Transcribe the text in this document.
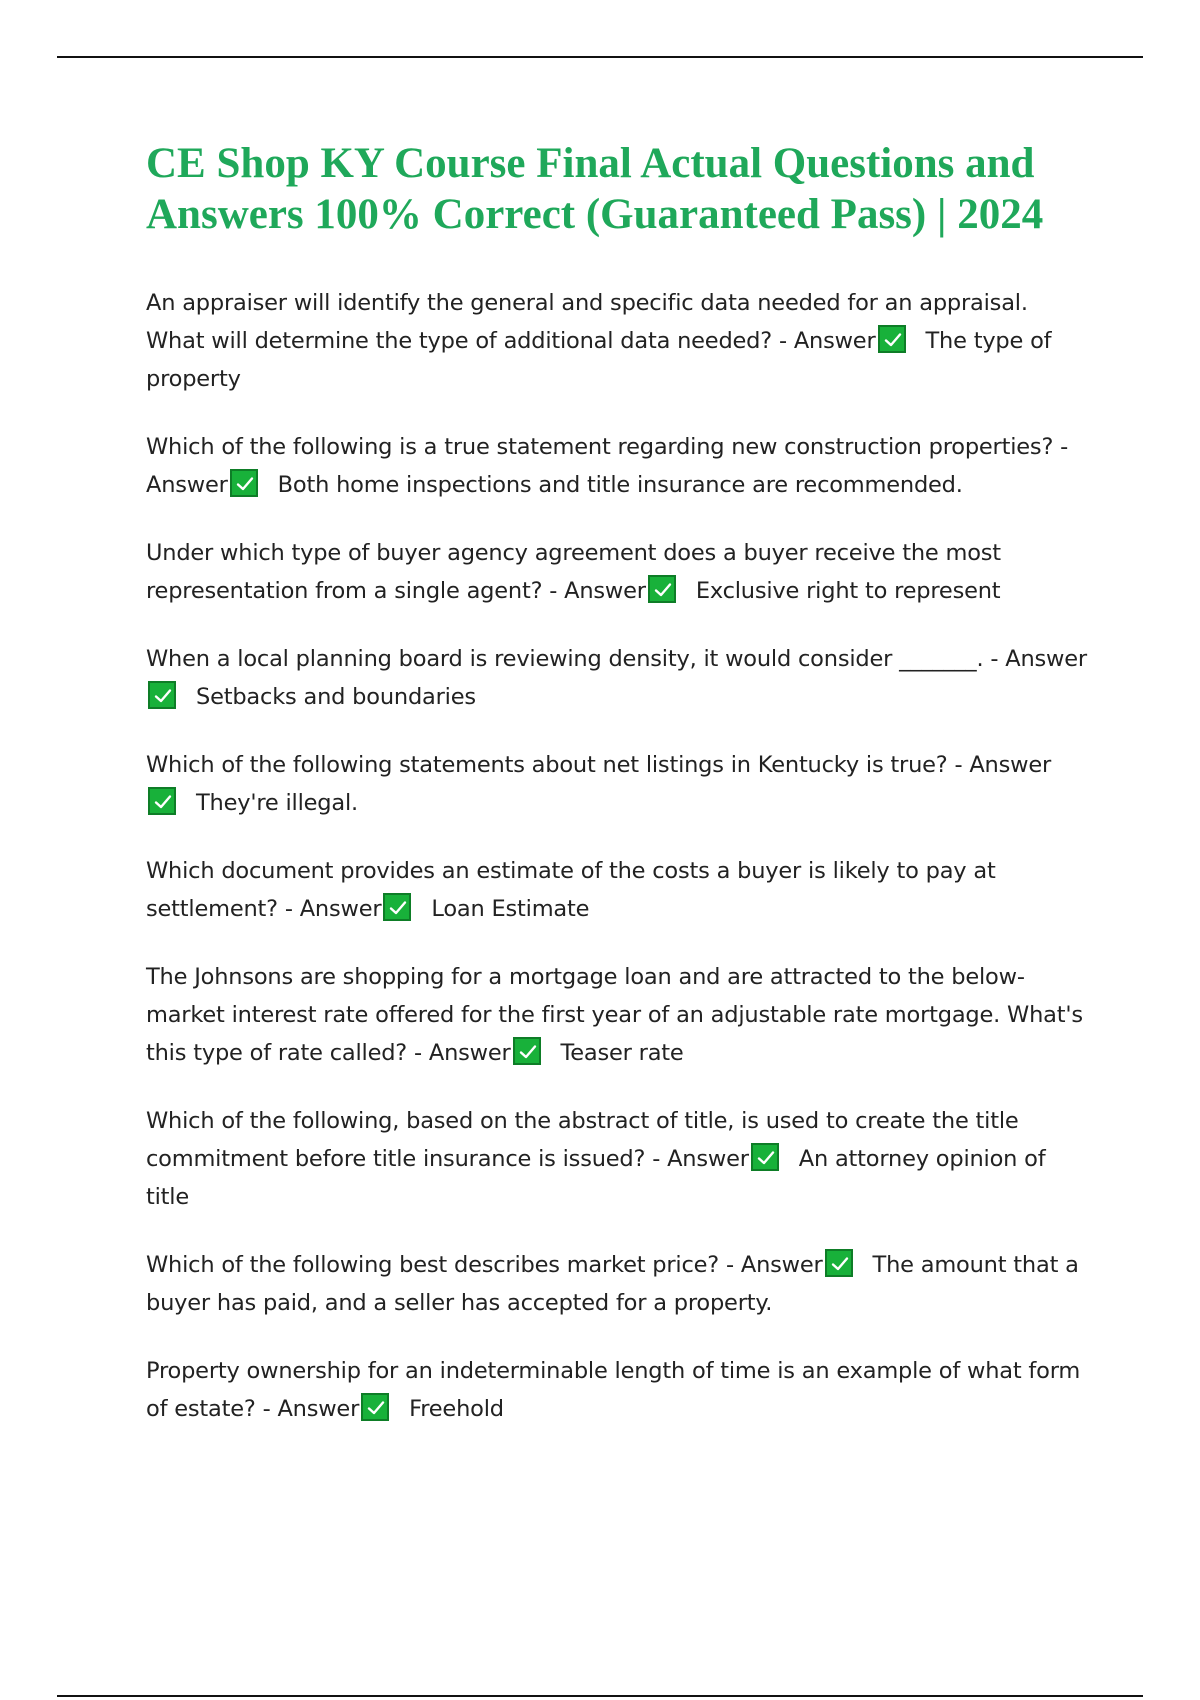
CE Shop KY Course Final Actual Questions and Answers 100% Correct (Guaranteed Pass) | 2024

An appraiser will identify the general and specific data needed for an appraisal. What will determine the type of additional data needed? - Answer The type of property

Which of the following is a true statement regarding new construction properties? - Answer Both home inspections and title insurance are recommended.

Under which type of buyer agency agreement does a buyer receive the most representation from a single agent? - Answer Exclusive right to represent

When a local planning board is reviewing density, it would consider _______. - Answer
Setbacks and boundaries

Which of the following statements about net listings in Kentucky is true? - Answer
They're illegal.

Which document provides an estimate of the costs a buyer is likely to pay at settlement? - Answer Loan Estimate

The Johnsons are shopping for a mortgage loan and are attracted to the below-market interest rate offered for the first year of an adjustable rate mortgage. What's this type of rate called? - Answer Teaser rate

Which of the following, based on the abstract of title, is used to create the title commitment before title insurance is issued? - Answer An attorney opinion of title

Which of the following best describes market price? - Answer The amount that a buyer has paid, and a seller has accepted for a property.

Property ownership for an indeterminable length of time is an example of what form of estate? - Answer Freehold
